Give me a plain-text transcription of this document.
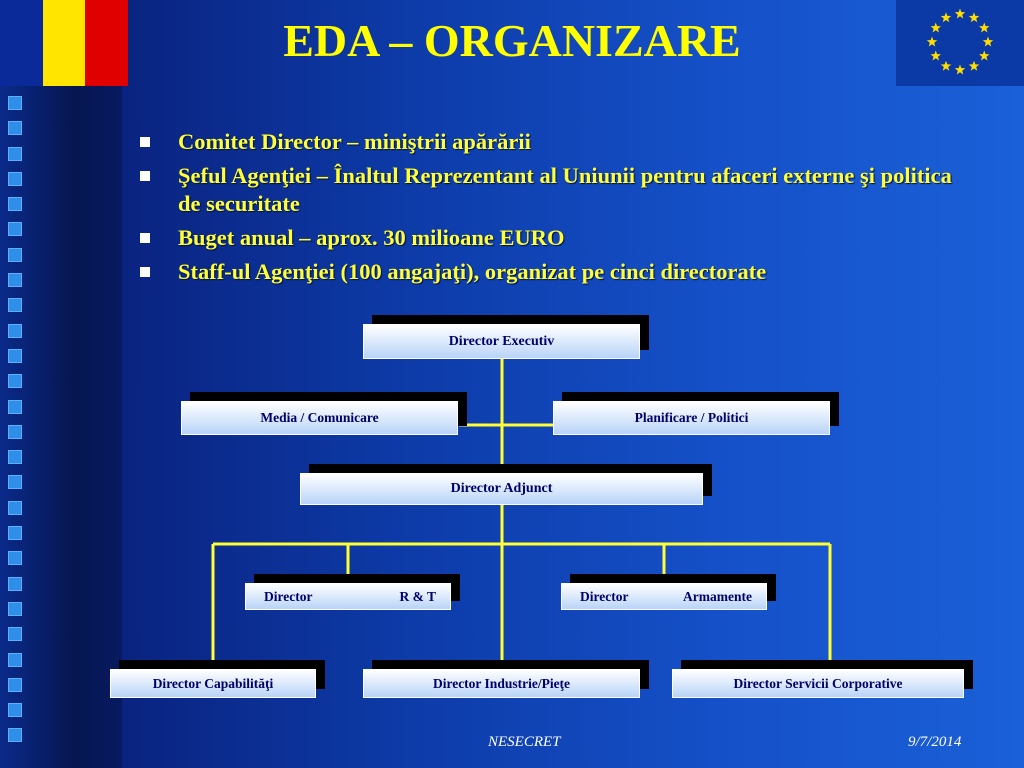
EDA – ORGANIZARE
Comitet Director – miniştrii apărării
Şeful Agenţiei – Înaltul Reprezentant al Uniunii pentru afaceri externe şi politica de securitate
Buget anual – aprox. 30 milioane EURO
Staff-ul Agenţiei (100 angajaţi), organizat pe cinci directorate
Director Executiv
Media / Comunicare	Planificare / Politici
Director Adjunct
Director	R & T	Director	Armamente
Director Capabilităţi	Director Industrie/Pieţe	Director Servicii Corporative
NESECRET	9/7/2014
